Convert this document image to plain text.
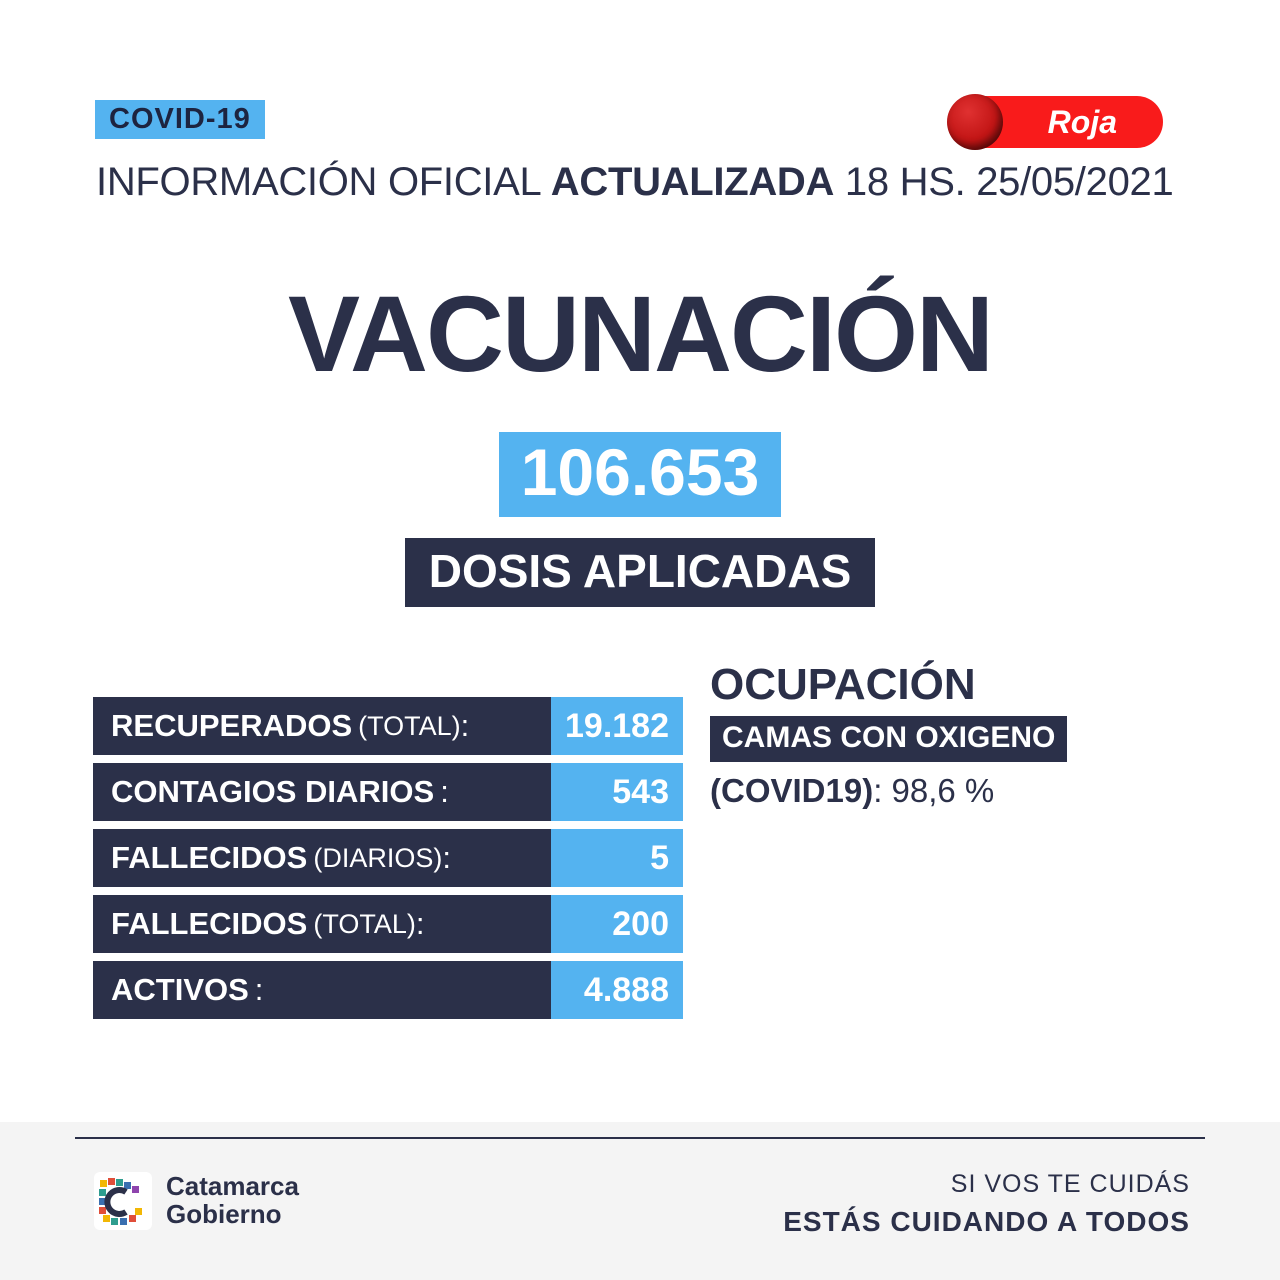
COVID-19	Roja
INFORMACIÓN OFICIAL ACTUALIZADA 18 HS. 25/05/2021
VACUNACIÓN
106.653
DOSIS APLICADAS
RECUPERADOS (TOTAL) :	19.182
CONTAGIOS DIARIOS :	543
FALLECIDOS (DIARIOS) :	5
FALLECIDOS (TOTAL) :	200
ACTIVOS :	4.888
OCUPACIÓN
CAMAS CON OXIGENO
(COVID19): 98,6 %
Catamarca
Gobierno
SI VOS TE CUIDÁS
ESTÁS CUIDANDO A TODOS
